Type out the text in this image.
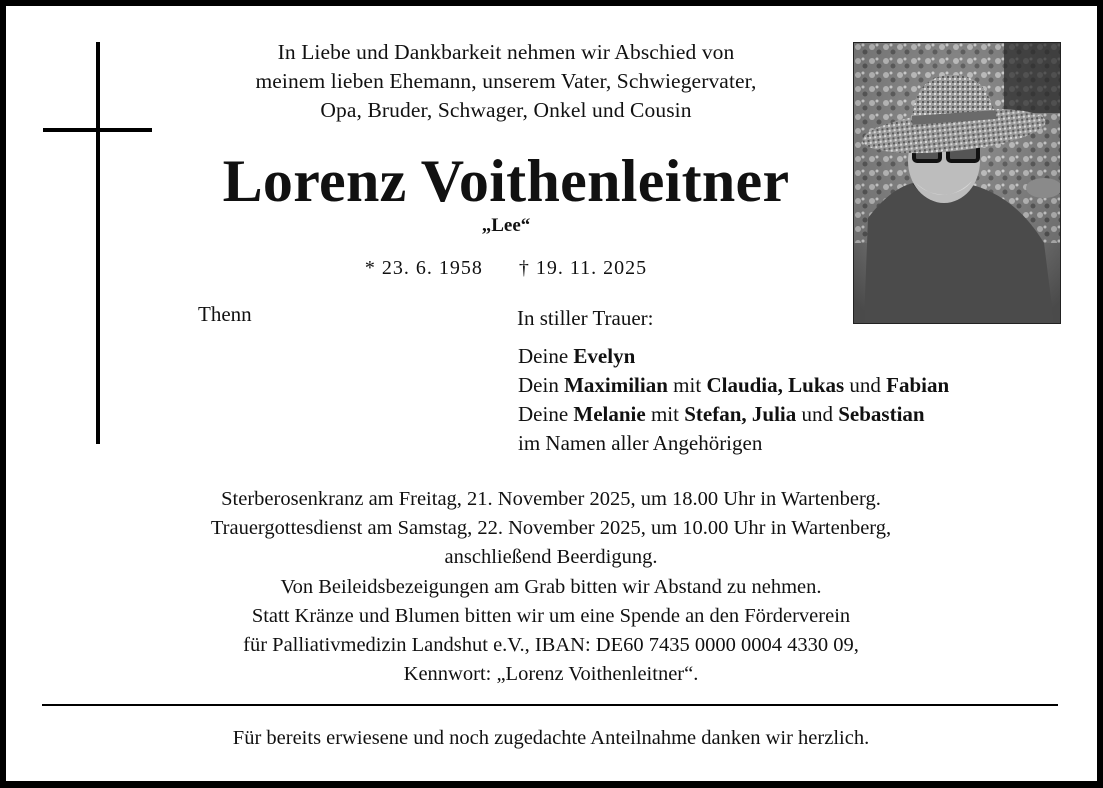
In Liebe und Dankbarkeit nehmen wir Abschied von
meinem lieben Ehemann, unserem Vater, Schwiegervater,
Opa, Bruder, Schwager, Onkel und Cousin
Lorenz Voithenleitner
„Lee“
* 23. 6. 1958 † 19. 11. 2025
Thenn	In stiller Trauer:
Deine Evelyn
Dein Maximilian mit Claudia, Lukas und Fabian
Deine Melanie mit Stefan, Julia und Sebastian
im Namen aller Angehörigen
Sterberosenkranz am Freitag, 21. November 2025, um 18.00 Uhr in Wartenberg.
Trauergottesdienst am Samstag, 22. November 2025, um 10.00 Uhr in Wartenberg,
anschließend Beerdigung.
Von Beileidsbezeigungen am Grab bitten wir Abstand zu nehmen.
Statt Kränze und Blumen bitten wir um eine Spende an den Förderverein
für Palliativmedizin Landshut e.V., IBAN: DE60 7435 0000 0004 4330 09,
Kennwort: „Lorenz Voithenleitner“.
Für bereits erwiesene und noch zugedachte Anteilnahme danken wir herzlich.
